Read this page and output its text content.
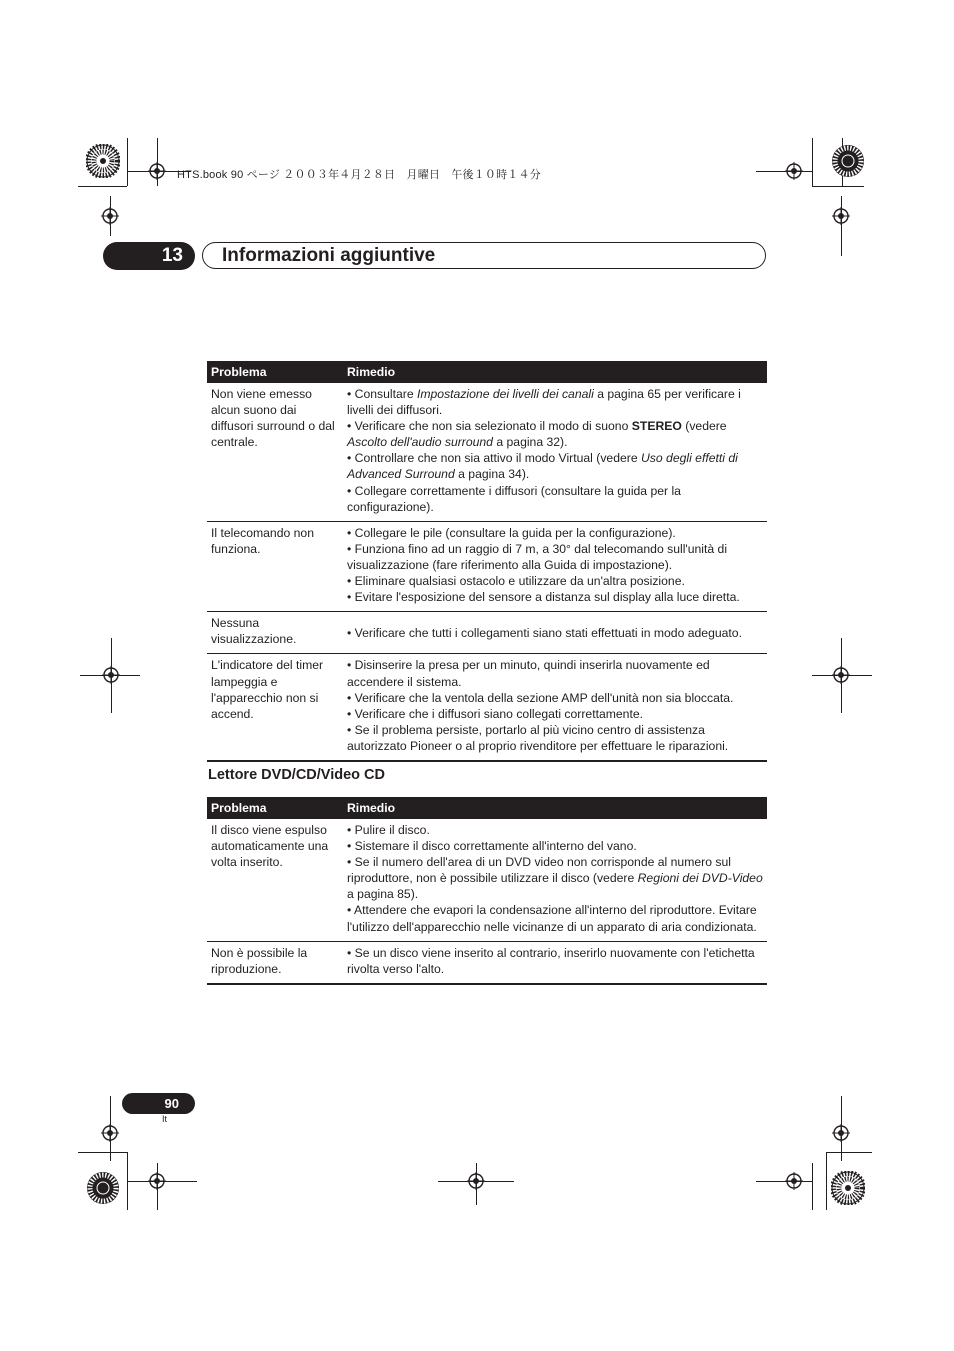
HTS.book 90 ページ ２００３年４月２８日　月曜日　午後１０時１４分
13	Informazioni aggiuntive
Problema	Rimedio
Non viene emesso alcun suono dai diffusori surround o dal centrale.
• Consultare Impostazione dei livelli dei canali a pagina 65 per verificare i livelli dei diffusori.
• Verificare che non sia selezionato il modo di suono STEREO (vedere Ascolto dell'audio surround a pagina 32).
• Controllare che non sia attivo il modo Virtual (vedere Uso degli effetti di Advanced Surround a pagina 34).
• Collegare correttamente i diffusori (consultare la guida per la configurazione).
Il telecomando non funziona.
• Collegare le pile (consultare la guida per la configurazione).
• Funziona fino ad un raggio di 7 m, a 30° dal telecomando sull'unità di visualizzazione (fare riferimento alla Guida di impostazione).
• Eliminare qualsiasi ostacolo e utilizzare da un'altra posizione.
• Evitare l'esposizione del sensore a distanza sul display alla luce diretta.
Nessuna visualizzazione.	• Verificare che tutti i collegamenti siano stati effettuati in modo adeguato.
L'indicatore del timer lampeggia e l'apparecchio non si accend.
• Disinserire la presa per un minuto, quindi inserirla nuovamente ed accendere il sistema.
• Verificare che la ventola della sezione AMP dell'unità non sia bloccata.
• Verificare che i diffusori siano collegati correttamente.
• Se il problema persiste, portarlo al più vicino centro di assistenza autorizzato Pioneer o al proprio rivenditore per effettuare le riparazioni.
Lettore DVD/CD/Video CD
Problema	Rimedio
Il disco viene espulso automaticamente una volta inserito.
• Pulire il disco.
• Sistemare il disco correttamente all'interno del vano.
• Se il numero dell'area di un DVD video non corrisponde al numero sul riproduttore, non è possibile utilizzare il disco (vedere Regioni dei DVD-Video a pagina 85).
• Attendere che evapori la condensazione all'interno del riproduttore. Evitare l'utilizzo dell'apparecchio nelle vicinanze di un apparato di aria condizionata.
Non è possibile la riproduzione.
• Se un disco viene inserito al contrario, inserirlo nuovamente con l'etichetta rivolta verso l'alto.
90
It
